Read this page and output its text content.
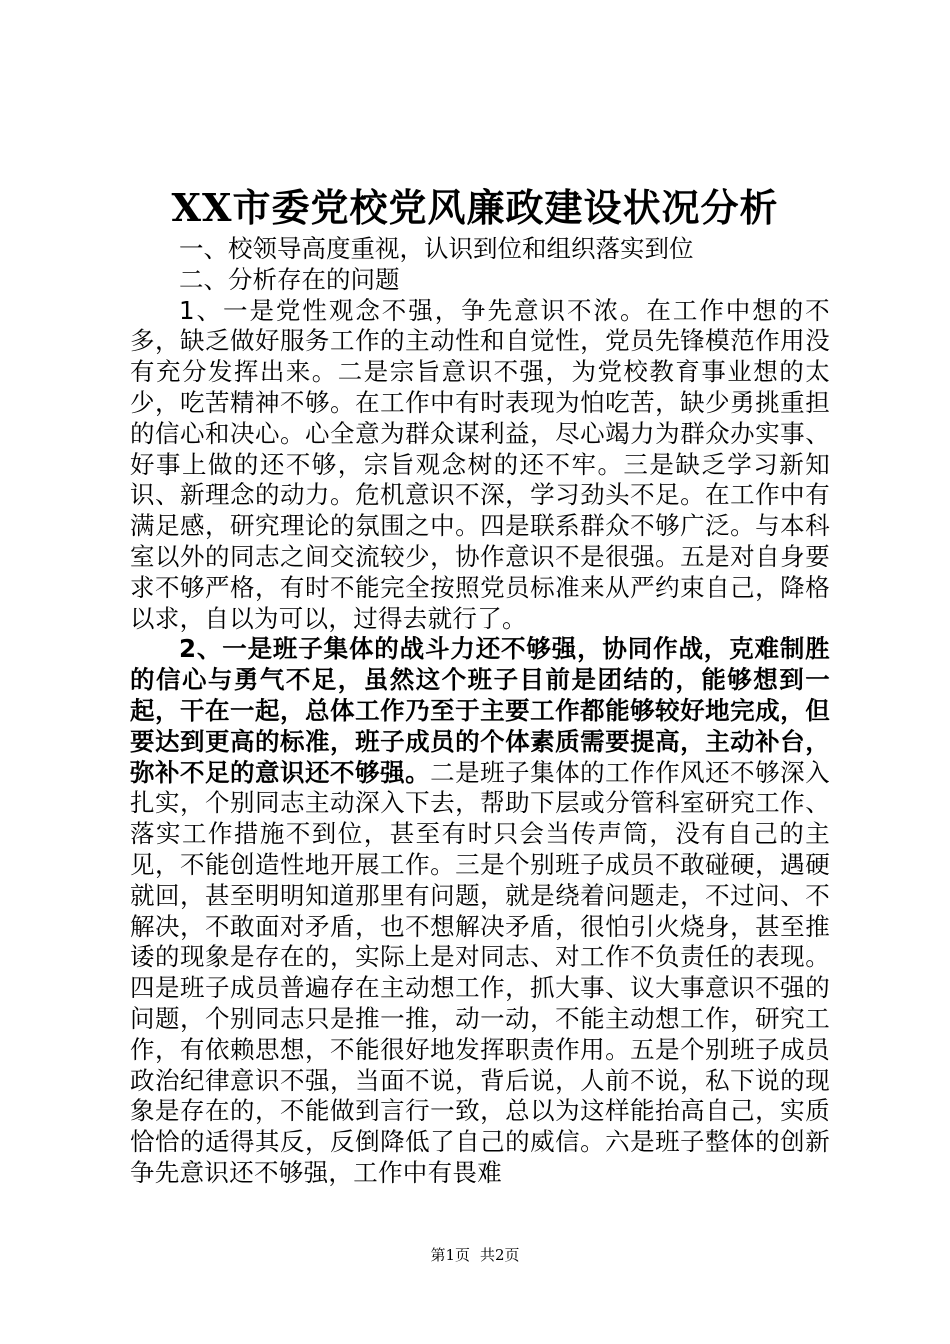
XX市委党校党风廉政建设状况分析

一、校领导高度重视，认识到位和组织落实到位

二、分析存在的问题

1、一是党性观念不强，争先意识不浓。在工作中想的不多，缺乏做好服务工作的主动性和自觉性，党员先锋模范作用没有充分发挥出来。二是宗旨意识不强，为党校教育事业想的太少，吃苦精神不够。在工作中有时表现为怕吃苦，缺少勇挑重担的信心和决心。心全意为群众谋利益，尽心竭力为群众办实事、好事上做的还不够，宗旨观念树的还不牢。三是缺乏学习新知识、新理念的动力。危机意识不深，学习劲头不足。在工作中有满足感，研究理论的氛围之中。四是联系群众不够广泛。与本科室以外的同志之间交流较少，协作意识不是很强。五是对自身要求不够严格，有时不能完全按照党员标准来从严约束自己，降格以求，自以为可以，过得去就行了。

2、一是班子集体的战斗力还不够强，协同作战，克难制胜的信心与勇气不足，虽然这个班子目前是团结的，能够想到一起，干在一起，总体工作乃至于主要工作都能够较好地完成，但要达到更高的标准，班子成员的个体素质需要提高，主动补台，弥补不足的意识还不够强。二是班子集体的工作作风还不够深入扎实，个别同志主动深入下去，帮助下层或分管科室研究工作、落实工作措施不到位，甚至有时只会当传声筒，没有自己的主见，不能创造性地开展工作。三是个别班子成员不敢碰硬，遇硬就回，甚至明明知道那里有问题，就是绕着问题走，不过问、不解决，不敢面对矛盾，也不想解决矛盾，很怕引火烧身，甚至推诿的现象是存在的，实际上是对同志、对工作不负责任的表现。四是班子成员普遍存在主动想工作，抓大事、议大事意识不强的问题，个别同志只是推一推，动一动，不能主动想工作，研究工作，有依赖思想，不能很好地发挥职责作用。五是个别班子成员政治纪律意识不强，当面不说，背后说，人前不说，私下说的现象是存在的，不能做到言行一致，总以为这样能抬高自己，实质恰恰的适得其反，反倒降低了自己的威信。六是班子整体的创新争先意识还不够强，工作中有畏难

第1页 共2页
